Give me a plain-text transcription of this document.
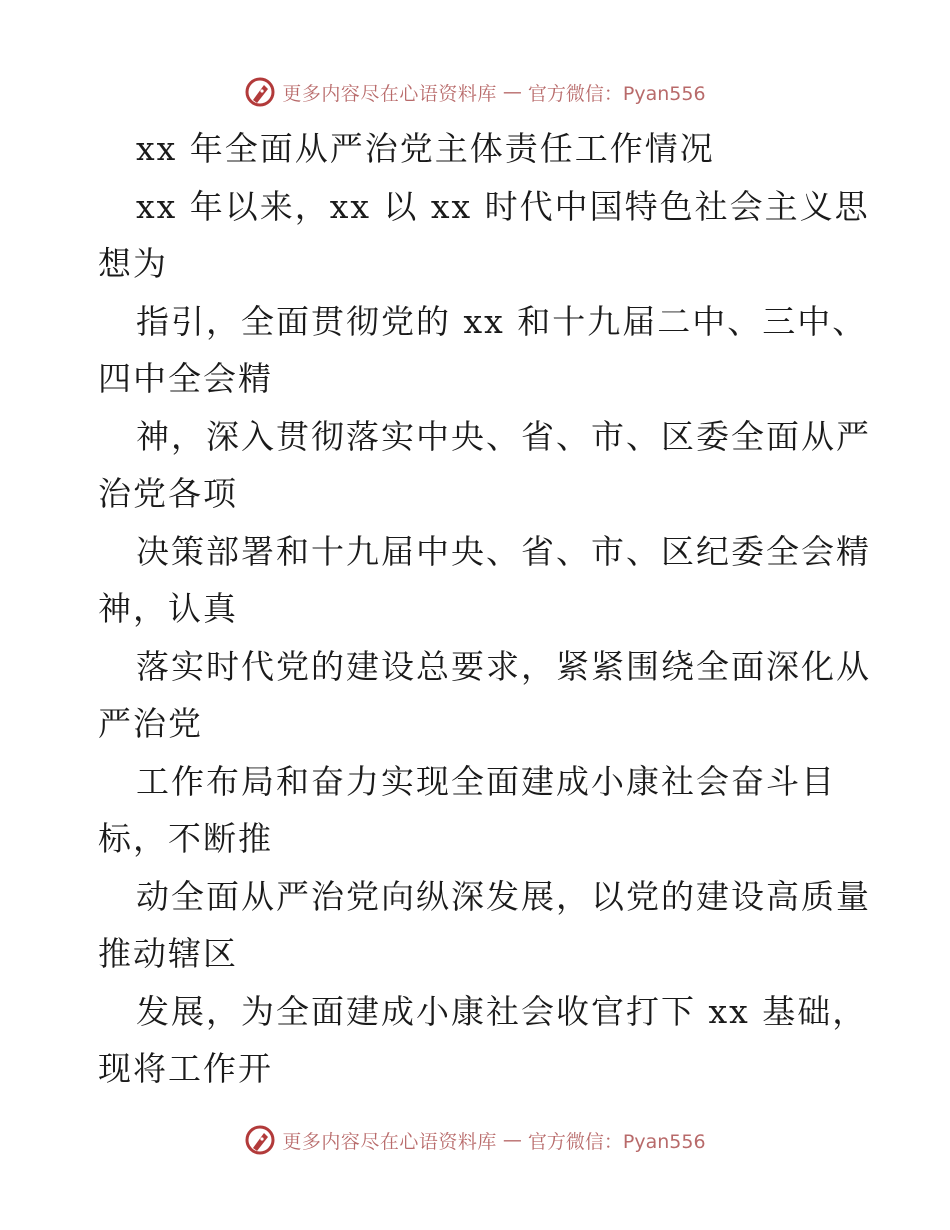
更多内容尽在心语资料库 — 官方微信：Pyan556
xx 年全面从严治党主体责任工作情况
xx 年以来，xx 以 xx 时代中国特色社会主义思
想为
指引，全面贯彻党的 xx 和十九届二中、三中、
四中全会精
神，深入贯彻落实中央、省、市、区委全面从严
治党各项
决策部署和十九届中央、省、市、区纪委全会精
神，认真
落实时代党的建设总要求，紧紧围绕全面深化从
严治党
工作布局和奋力实现全面建成小康社会奋斗目
标，不断推
动全面从严治党向纵深发展，以党的建设高质量
推动辖区
发展，为全面建成小康社会收官打下 xx 基础，
现将工作开
更多内容尽在心语资料库 — 官方微信：Pyan556
